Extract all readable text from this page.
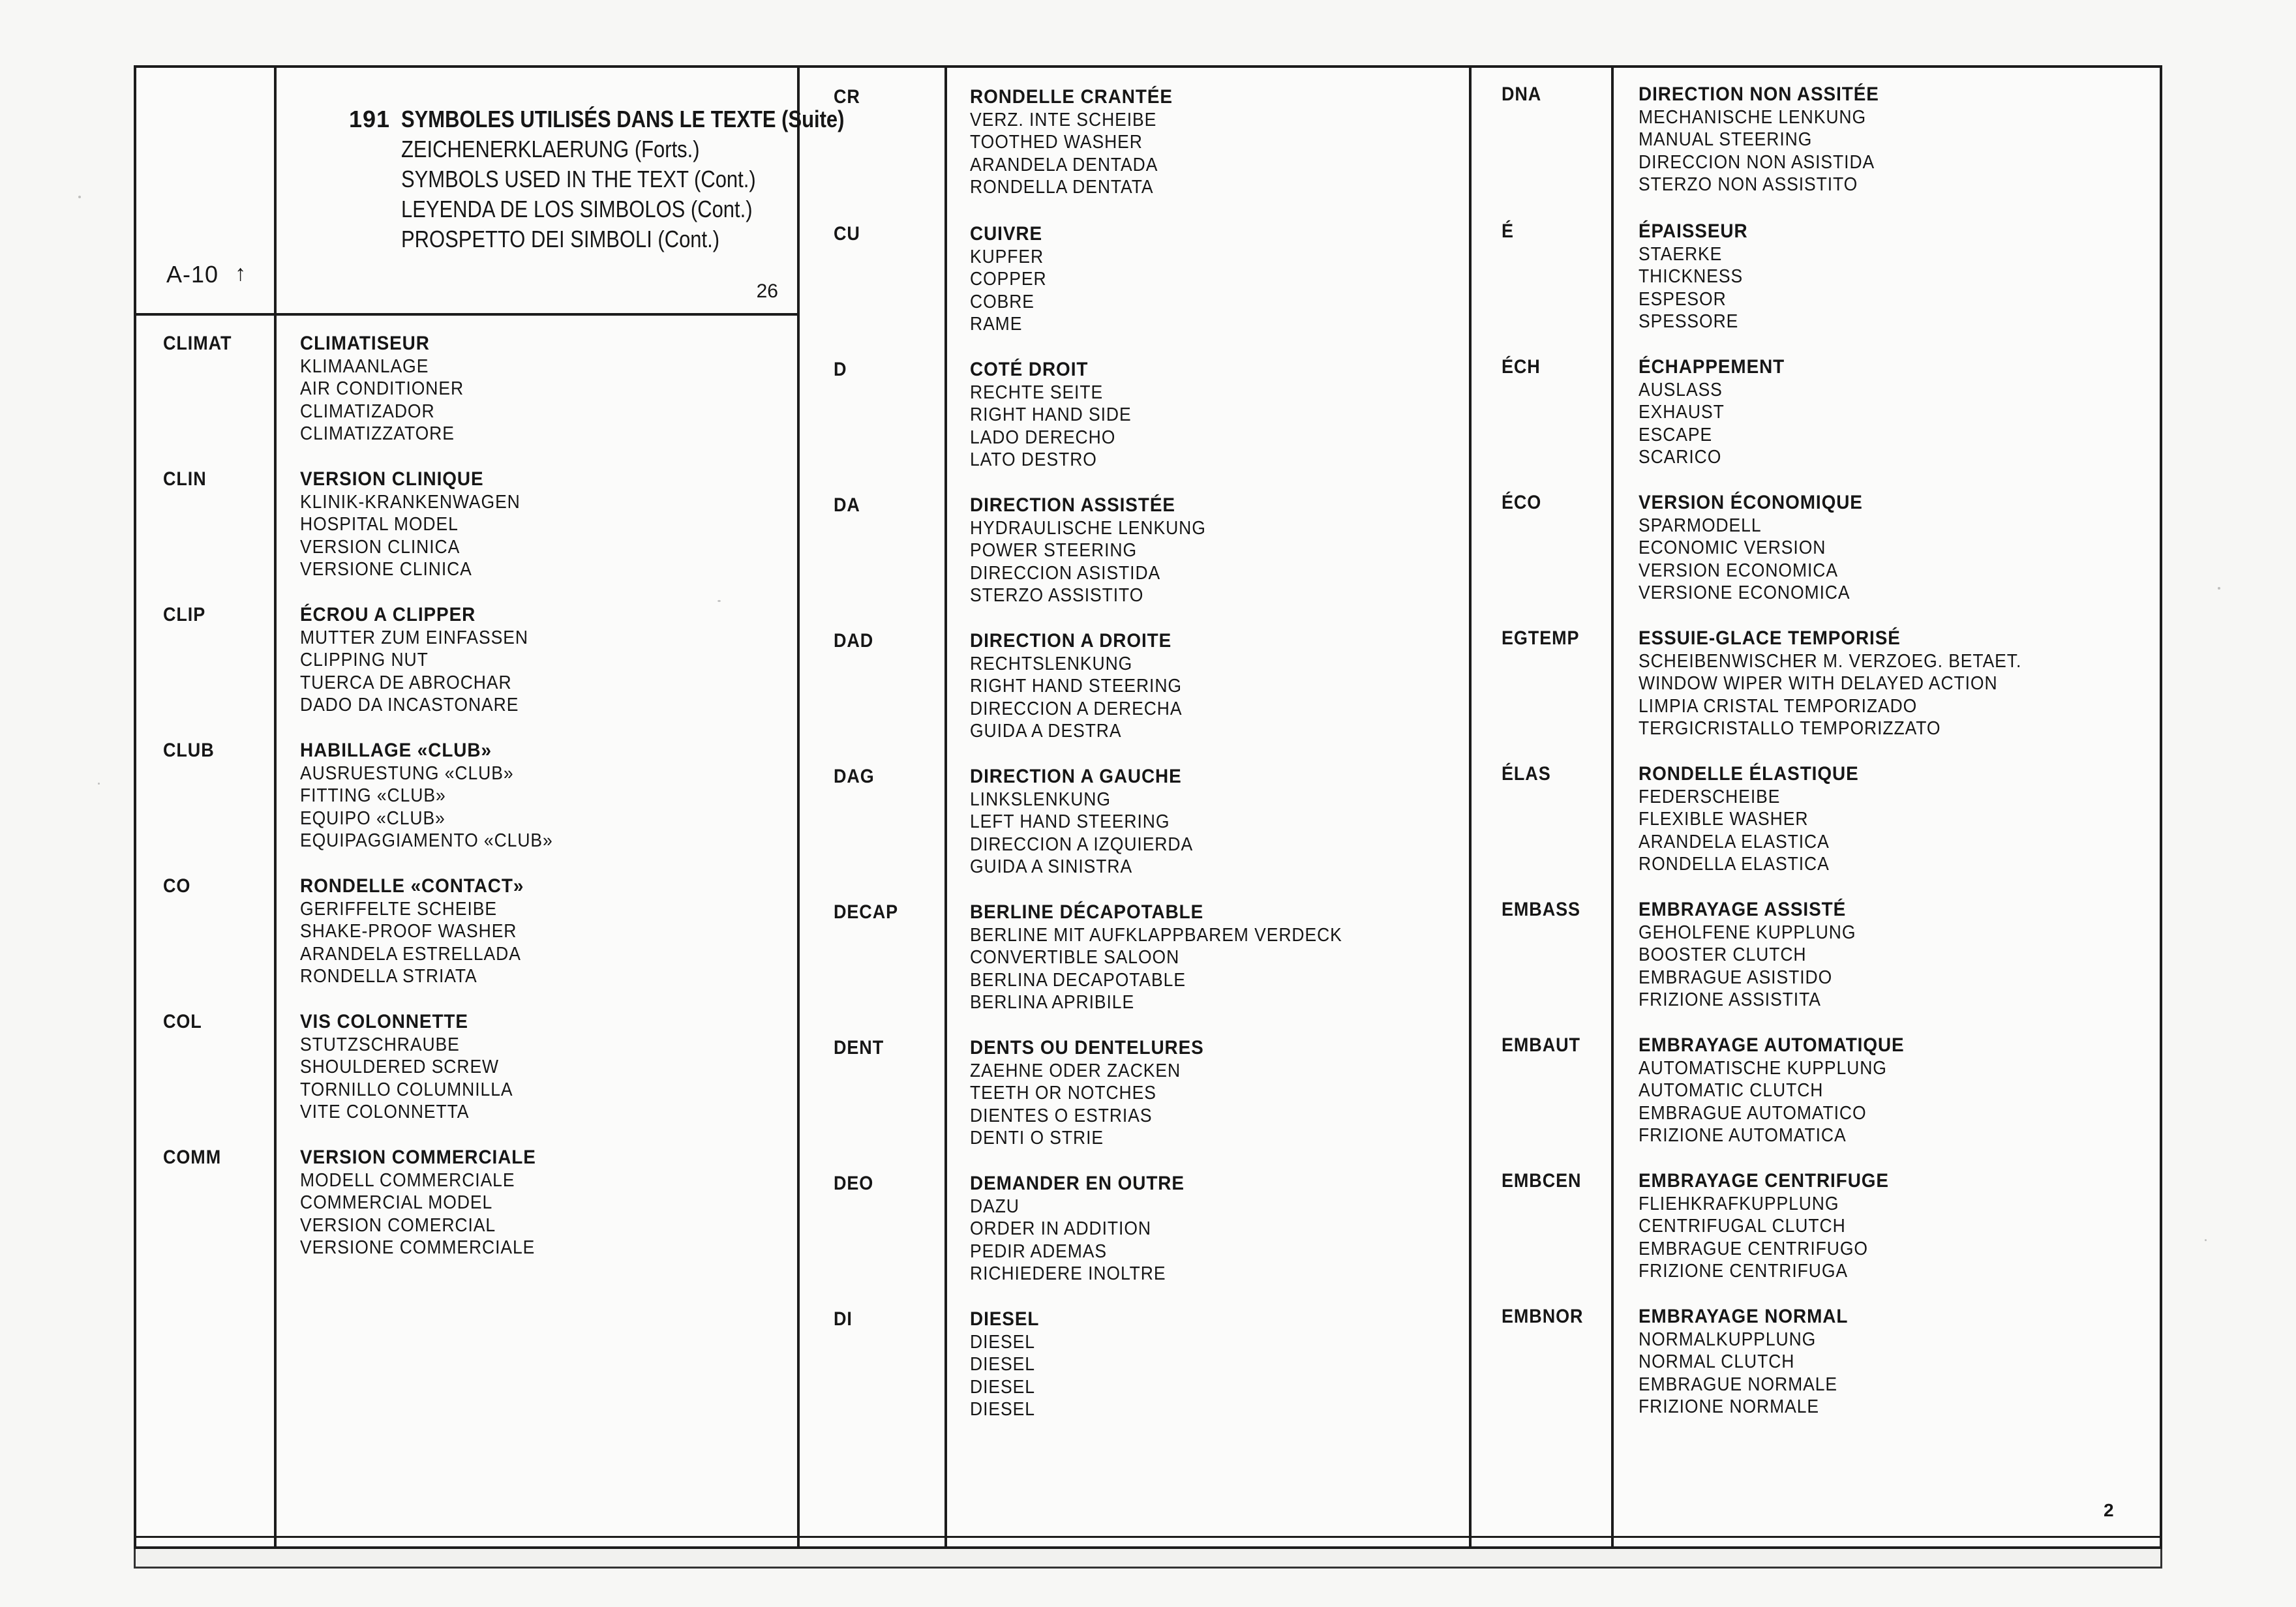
191
A-10 ↑
SYMBOLES UTILISÉS DANS LE TEXTE (Suite)
ZEICHENERKLAERUNG (Forts.)
SYMBOLS USED IN THE TEXT (Cont.)
LEYENDA DE LOS SIMBOLOS (Cont.)
PROSPETTO DEI SIMBOLI (Cont.)
26
CLIMAT	CLIMATISEUR
KLIMAANLAGE
AIR CONDITIONER
CLIMATIZADOR
CLIMATIZZATORE
CLIN	VERSION CLINIQUE
KLINIK-KRANKENWAGEN
HOSPITAL MODEL
VERSION CLINICA
VERSIONE CLINICA
CLIP	ÉCROU A CLIPPER
MUTTER ZUM EINFASSEN
CLIPPING NUT
TUERCA DE ABROCHAR
DADO DA INCASTONARE
CLUB	HABILLAGE «CLUB»
AUSRUESTUNG «CLUB»
FITTING «CLUB»
EQUIPO «CLUB»
EQUIPAGGIAMENTO «CLUB»
CO	RONDELLE «CONTACT»
GERIFFELTE SCHEIBE
SHAKE-PROOF WASHER
ARANDELA ESTRELLADA
RONDELLA STRIATA
COL	VIS COLONNETTE
STUTZSCHRAUBE
SHOULDERED SCREW
TORNILLO COLUMNILLA
VITE COLONNETTA
COMM	VERSION COMMERCIALE
MODELL COMMERCIALE
COMMERCIAL MODEL
VERSION COMERCIAL
VERSIONE COMMERCIALE
CR	RONDELLE CRANTÉE
VERZ. INTE SCHEIBE
TOOTHED WASHER
ARANDELA DENTADA
RONDELLA DENTATA
CU	CUIVRE
KUPFER
COPPER
COBRE
RAME
D	COTÉ DROIT
RECHTE SEITE
RIGHT HAND SIDE
LADO DERECHO
LATO DESTRO
DA	DIRECTION ASSISTÉE
HYDRAULISCHE LENKUNG
POWER STEERING
DIRECCION ASISTIDA
STERZO ASSISTITO
DAD	DIRECTION A DROITE
RECHTSLENKUNG
RIGHT HAND STEERING
DIRECCION A DERECHA
GUIDA A DESTRA
DAG	DIRECTION A GAUCHE
LINKSLENKUNG
LEFT HAND STEERING
DIRECCION A IZQUIERDA
GUIDA A SINISTRA
DECAP	BERLINE DÉCAPOTABLE
BERLINE MIT AUFKLAPPBAREM VERDECK
CONVERTIBLE SALOON
BERLINA DECAPOTABLE
BERLINA APRIBILE
DENT	DENTS OU DENTELURES
ZAEHNE ODER ZACKEN
TEETH OR NOTCHES
DIENTES O ESTRIAS
DENTI O STRIE
DEO	DEMANDER EN OUTRE
DAZU
ORDER IN ADDITION
PEDIR ADEMAS
RICHIEDERE INOLTRE
DI	DIESEL
DIESEL
DIESEL
DIESEL
DIESEL
DNA	DIRECTION NON ASSITÉE
MECHANISCHE LENKUNG
MANUAL STEERING
DIRECCION NON ASISTIDA
STERZO NON ASSISTITO
É	ÉPAISSEUR
STAERKE
THICKNESS
ESPESOR
SPESSORE
ÉCH	ÉCHAPPEMENT
AUSLASS
EXHAUST
ESCAPE
SCARICO
ÉCO	VERSION ÉCONOMIQUE
SPARMODELL
ECONOMIC VERSION
VERSION ECONOMICA
VERSIONE ECONOMICA
EGTEMP	ESSUIE-GLACE TEMPORISÉ
SCHEIBENWISCHER M. VERZOEG. BETAET.
WINDOW WIPER WITH DELAYED ACTION
LIMPIA CRISTAL TEMPORIZADO
TERGICRISTALLO TEMPORIZZATO
ÉLAS	RONDELLE ÉLASTIQUE
FEDERSCHEIBE
FLEXIBLE WASHER
ARANDELA ELASTICA
RONDELLA ELASTICA
EMBASS	EMBRAYAGE ASSISTÉ
GEHOLFENE KUPPLUNG
BOOSTER CLUTCH
EMBRAGUE ASISTIDO
FRIZIONE ASSISTITA
EMBAUT	EMBRAYAGE AUTOMATIQUE
AUTOMATISCHE KUPPLUNG
AUTOMATIC CLUTCH
EMBRAGUE AUTOMATICO
FRIZIONE AUTOMATICA
EMBCEN	EMBRAYAGE CENTRIFUGE
FLIEHKRAFKUPPLUNG
CENTRIFUGAL CLUTCH
EMBRAGUE CENTRIFUGO
FRIZIONE CENTRIFUGA
EMBNOR	EMBRAYAGE NORMAL
NORMALKUPPLUNG
NORMAL CLUTCH
EMBRAGUE NORMALE
FRIZIONE NORMALE
2
